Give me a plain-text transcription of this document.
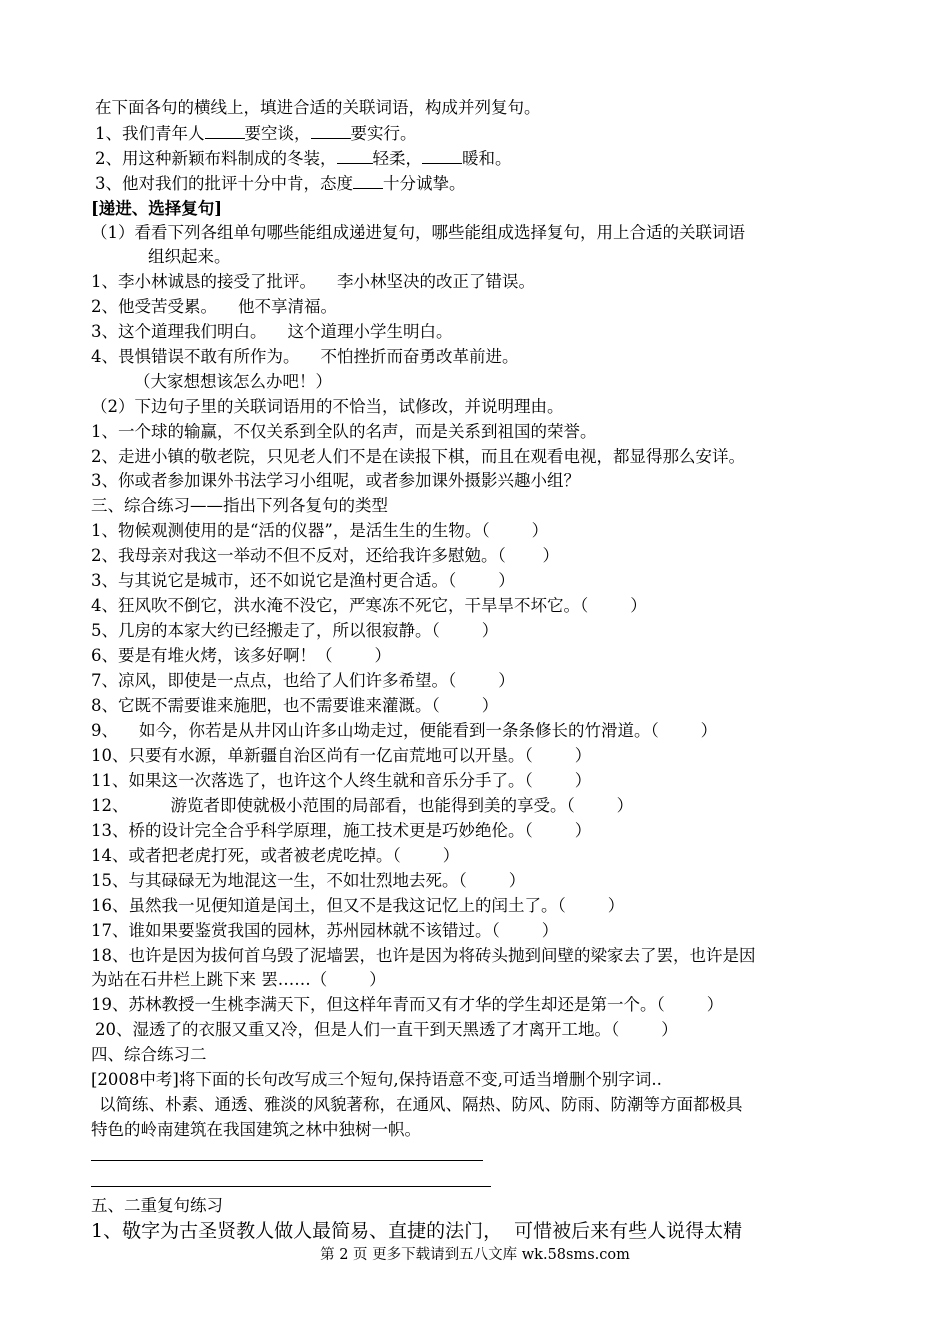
在下面各句的横线上，填进合适的关联词语，构成并列复句。
1、我们青年人 要空谈， 要实行。
2、用这种新颖布料制成的冬装， 轻柔， 暖和。
3、他对我们的批评十分中肯，态度 十分诚挚。
[递进、选择复句]
（1）看看下列各组单句哪些能组成递进复句，哪些能组成选择复句，用上合适的关联词语
组织起来。
1、李小林诚恳的接受了批评。    李小林坚决的改正了错误。
2、他受苦受累。    他不享清福。
3、这个道理我们明白。    这个道理小学生明白。
4、畏惧错误不敢有所作为。    不怕挫折而奋勇改革前进。
（大家想想该怎么办吧！）
（2）下边句子里的关联词语用的不恰当，试修改，并说明理由。
1、一个球的输赢，不仅关系到全队的名声，而是关系到祖国的荣誉。
2、走进小镇的敬老院，只见老人们不是在读报下棋，而且在观看电视，都显得那么安详。
3、你或者参加课外书法学习小组呢，或者参加课外摄影兴趣小组？
三、综合练习——指出下列各复句的类型
1、物候观测使用的是“活的仪器”，是活生生的生物。（        ）
2、我母亲对我这一举动不但不反对，还给我许多慰勉。（       ）
3、与其说它是城市，还不如说它是渔村更合适。（        ）
4、狂风吹不倒它，洪水淹不没它，严寒冻不死它，干旱旱不坏它。（        ）
5、几房的本家大约已经搬走了，所以很寂静。（        ）
6、要是有堆火烤，该多好啊！（        ）
7、凉风，即使是一点点，也给了人们许多希望。（        ）
8、它既不需要谁来施肥，也不需要谁来灌溉。（        ）
9、    如今，你若是从井冈山许多山坳走过，便能看到一条条修长的竹滑道。（        ）
10、只要有水源，单新疆自治区尚有一亿亩荒地可以开垦。（        ）
11、如果这一次落选了，也许这个人终生就和音乐分手了。（        ）
12、        游览者即使就极小范围的局部看，也能得到美的享受。（        ）
13、桥的设计完全合乎科学原理，施工技术更是巧妙绝伦。（        ）
14、或者把老虎打死，或者被老虎吃掉。（        ）
15、与其碌碌无为地混这一生，不如壮烈地去死。（        ）
16、虽然我一见便知道是闰土，但又不是我这记忆上的闰土了。（        ）
17、谁如果要鉴赏我国的园林，苏州园林就不该错过。（        ）
18、也许是因为拔何首乌毁了泥墙罢，也许是因为将砖头抛到间壁的梁家去了罢，也许是因
为站在石井栏上跳下来 罢……（        ）
19、苏林教授一生桃李满天下，但这样年青而又有才华的学生却还是第一个。（        ）
20、湿透了的衣服又重又冷，但是人们一直干到天黑透了才离开工地。（        ）
四、综合练习二
[2008中考]将下面的长句改写成三个短句,保持语意不变,可适当增删个别字词..
以简练、朴素、通透、雅淡的风貌著称，在通风、隔热、防风、防雨、防潮等方面都极具
特色的岭南建筑在我国建筑之林中独树一帜。
五、二重复句练习
1、敬字为古圣贤教人做人最简易、直捷的法门，  可惜被后来有些人说得太精
第 2 页 更多下载请到五八文库 wk.58sms.com
